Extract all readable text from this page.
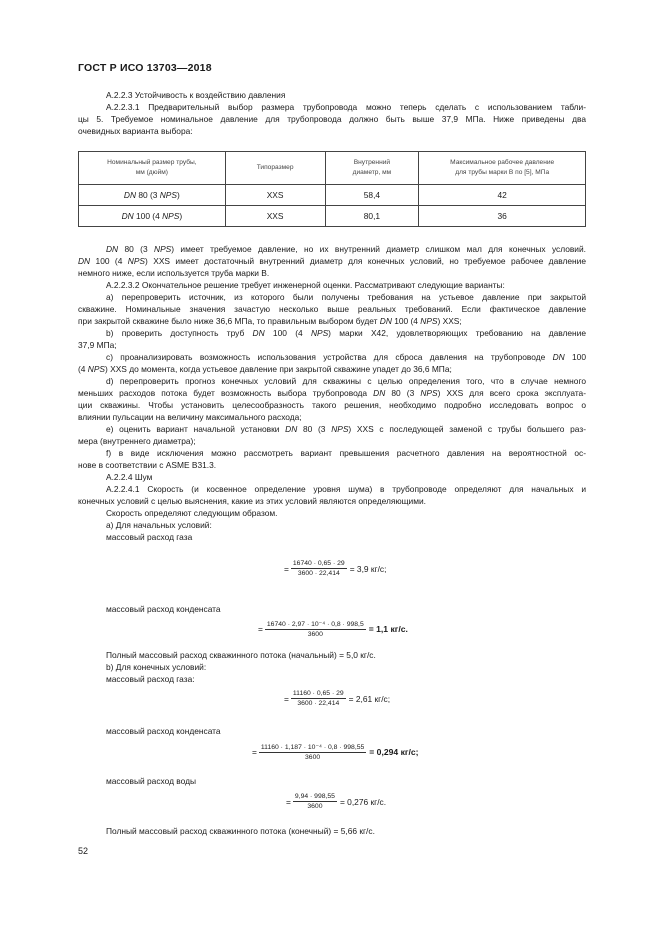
ГОСТ Р ИСО 13703—2018
А.2.2.3 Устойчивость к воздействию давления
А.2.2.3.1 Предварительный выбор размера трубопровода можно теперь сделать с использованием табли-
цы 5. Требуемое номинальное давление для трубопровода должно быть выше 37,9 МПа. Ниже приведены два
очевидных варианта выбора:
Номинальный размер трубы,
мм (дюйм)	Типоразмер	Внутренний
диаметр, мм	Максимальное рабочее давление
для трубы марки В по [5], МПа
DN 80 (3 NPS)	XXS	58,4	42
DN 100 (4 NPS)	XXS	80,1	36
DN 80 (3 NPS) имеет требуемое давление, но их внутренний диаметр слишком мал для конечных условий.
DN 100 (4 NPS) XXS имеет достаточный внутренний диаметр для конечных условий, но требуемое рабочее давление
немного ниже, если используется труба марки В.
А.2.2.3.2 Окончательное решение требует инженерной оценки. Рассматривают следующие варианты:
а) перепроверить источник, из которого были получены требования на устьевое давление при закрытой
скважине. Номинальные значения зачастую несколько выше реальных требований. Если фактическое давление
при закрытой скважине было ниже 36,6 МПа, то правильным выбором будет DN 100 (4 NPS) XXS;
b) проверить доступность труб DN 100 (4 NPS) марки Х42, удовлетворяющих требованию на давление
37,9 МПа;
с) проанализировать возможность использования устройства для сброса давления на трубопроводе DN 100
(4 NPS) XXS до момента, когда устьевое давление при закрытой скважине упадет до 36,6 МПа;
d) перепроверить прогноз конечных условий для скважины с целью определения того, что в случае немного
меньших расходов потока будет возможность выбора трубопровода DN 80 (3 NPS) XXS для всего срока эксплуата-
ции скважины. Чтобы установить целесообразность такого решения, необходимо подробно исследовать вопрос о
влиянии пульсации на величину максимального расхода;
е) оценить вариант начальной установки DN 80 (3 NPS) XXS с последующей заменой с трубы большего раз-
мера (внутреннего диаметра);
f) в виде исключения можно рассмотреть вариант превышения расчетного давления на вероятностной ос-
нове в соответствии с ASME B31.3.
А.2.2.4 Шум
А.2.2.4.1 Скорость (и косвенное определение уровня шума) в трубопроводе определяют для начальных и
конечных условий с целью выяснения, какие из этих условий являются определяющими.
Скорость определяют следующим образом.
а) Для начальных условий:
массовый расход газа
= $\frac{16740 \cdot 0,65 \cdot 29}{3600 \cdot 22,414} = 3,9$ кг/с;
массовый расход конденсата
= $\frac{\text{16740 · 2,97 · 10⁻⁴ · 0,8 · 998,5}}{3600} = 1,1$ кг/с.
Полный массовый расход скважинного потока (начальный) = 5,0 кг/с.
b) Для конечных условий:
массовый расход газа:
= $\frac{11160 \cdot 0,65 \cdot 29}{3600 \cdot 22,414} = 2,61$ кг/с;
массовый расход конденсата
= $\frac{\text{11160 · 1,187 · 10⁻⁴ · 0,8 · 998,55}}{3600} = 0,294$ кг/с;
массовый расход воды
= $\frac{9,94 \cdot 998,55}{3600} = 0,276$ кг/с.
Полный массовый расход скважинного потока (конечный) = 5,66 кг/с.
52
